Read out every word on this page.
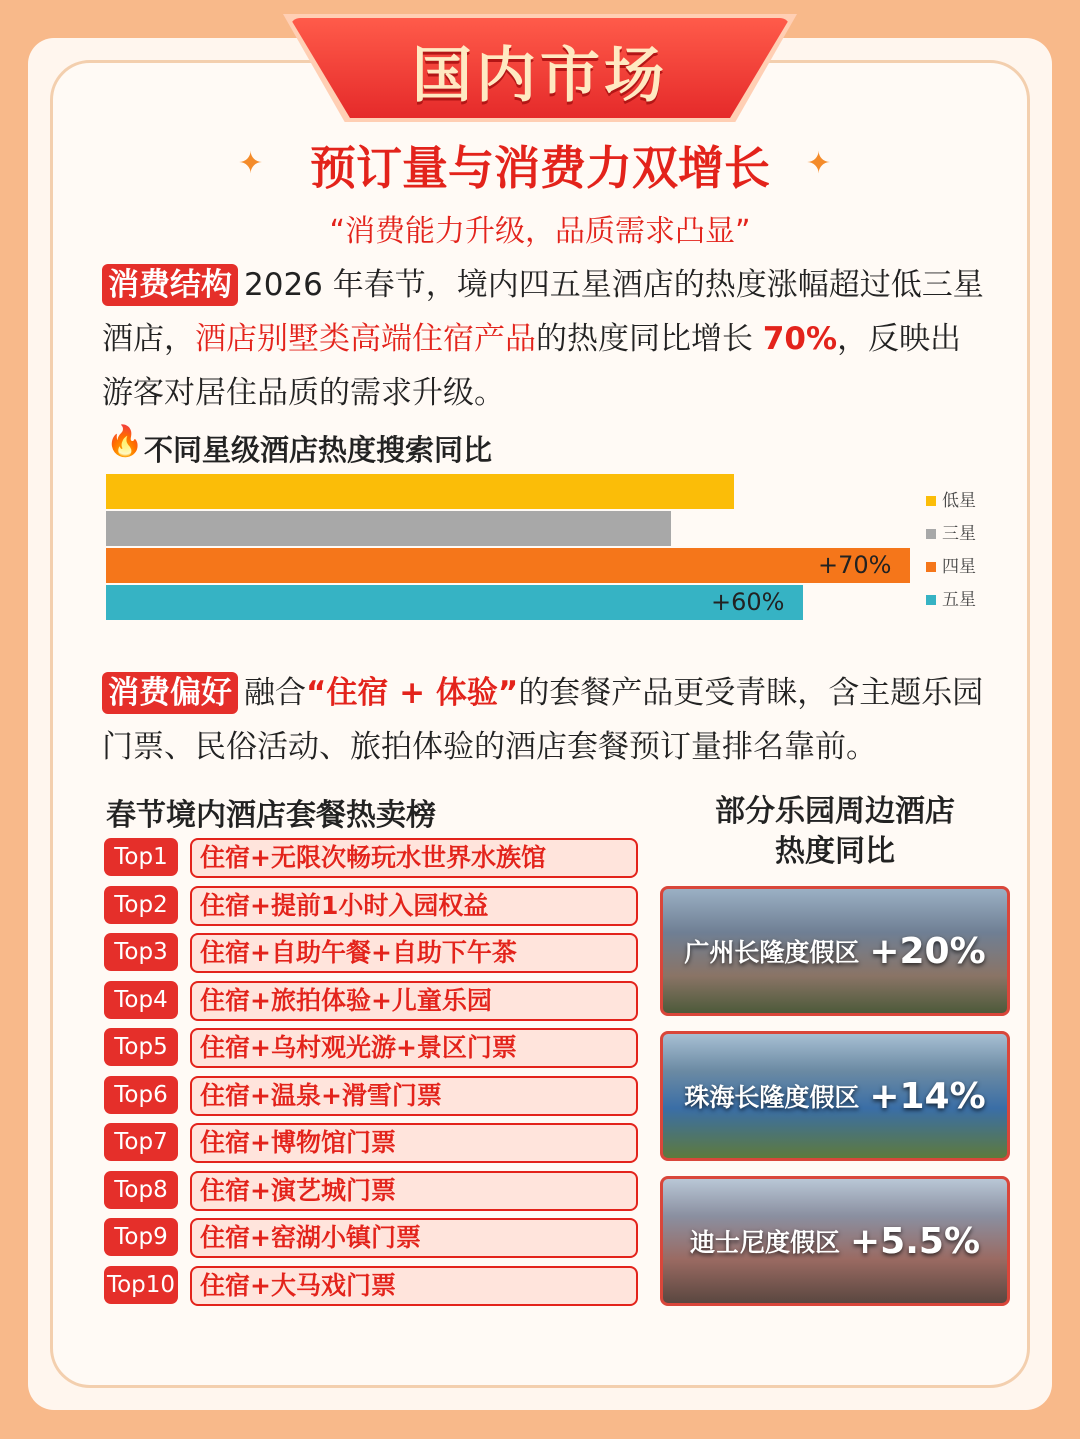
国内市场
✦	预订量与消费力双增长	✦
“消费能力升级，品质需求凸显”
消费结构 2026 年春节，境内四五星酒店的热度涨幅超过低三星酒店，酒店别墅类高端住宿产品的热度同比增长 70%，反映出游客对居住品质的需求升级。
🔥 不同星级酒店热度搜索同比
+70%
+60%
低星
三星
四星
五星
消费偏好 融合“住宿 + 体验”的套餐产品更受青睐，含主题乐园门票、民俗活动、旅拍体验的酒店套餐预订量排名靠前。
春节境内酒店套餐热卖榜
Top1	住宿+无限次畅玩水世界水族馆
Top2	住宿+提前1小时入园权益
Top3	住宿+自助午餐+自助下午茶
Top4	住宿+旅拍体验+儿童乐园
Top5	住宿+乌村观光游+景区门票
Top6	住宿+温泉+滑雪门票
Top7	住宿+博物馆门票
Top8	住宿+演艺城门票
Top9	住宿+窑湖小镇门票
Top10 住宿+大马戏门票
部分乐园周边酒店
热度同比
广州长隆度假区 +20%
珠海长隆度假区 +14%
迪士尼度假区 +5.5%
